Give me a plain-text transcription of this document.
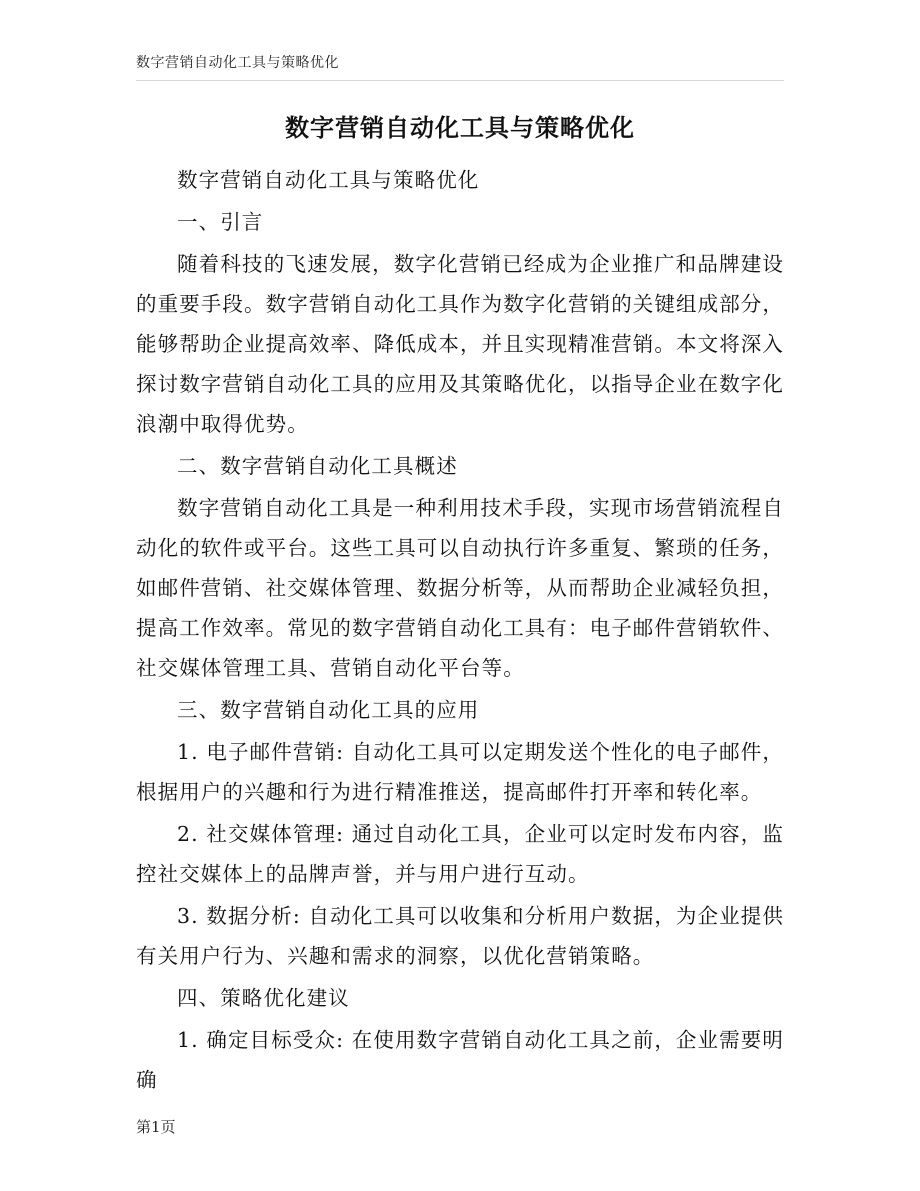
数字营销自动化工具与策略优化
数字营销自动化工具与策略优化

数字营销自动化工具与策略优化

一、引言

随着科技的飞速发展，数字化营销已经成为企业推广和品牌建设的重要手段。数字营销自动化工具作为数字化营销的关键组成部分，能够帮助企业提高效率、降低成本，并且实现精准营销。本文将深入探讨数字营销自动化工具的应用及其策略优化，以指导企业在数字化浪潮中取得优势。

二、数字营销自动化工具概述

数字营销自动化工具是一种利用技术手段，实现市场营销流程自动化的软件或平台。这些工具可以自动执行许多重复、繁琐的任务，如邮件营销、社交媒体管理、数据分析等，从而帮助企业减轻负担，提高工作效率。常见的数字营销自动化工具有：电子邮件营销软件、社交媒体管理工具、营销自动化平台等。

三、数字营销自动化工具的应用

1. 电子邮件营销: 自动化工具可以定期发送个性化的电子邮件，根据用户的兴趣和行为进行精准推送，提高邮件打开率和转化率。

2. 社交媒体管理: 通过自动化工具，企业可以定时发布内容，监控社交媒体上的品牌声誉，并与用户进行互动。

3. 数据分析: 自动化工具可以收集和分析用户数据，为企业提供有关用户行为、兴趣和需求的洞察，以优化营销策略。

四、策略优化建议

1. 确定目标受众: 在使用数字营销自动化工具之前，企业需要明确

第1页
